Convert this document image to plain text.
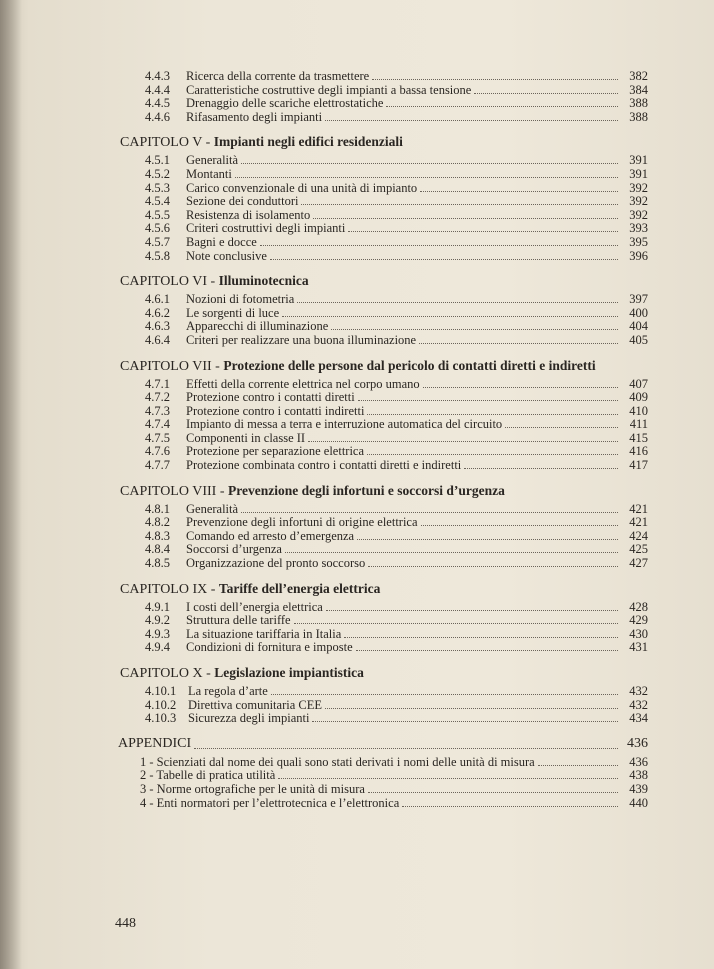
4.4.3 Ricerca della corrente da trasmettere	382
4.4.4 Caratteristiche costruttive degli impianti a bassa tensione	384
4.4.5 Drenaggio delle scariche elettrostatiche	388
4.4.6 Rifasamento degli impianti	388
CAPITOLO V - Impianti negli edifici residenziali
4.5.1 Generalità	391
4.5.2 Montanti	391
4.5.3 Carico convenzionale di una unità di impianto	392
4.5.4 Sezione dei conduttori	392
4.5.5 Resistenza di isolamento	392
4.5.6 Criteri costruttivi degli impianti	393
4.5.7 Bagni e docce	395
4.5.8 Note conclusive	396
CAPITOLO VI - Illuminotecnica
4.6.1 Nozioni di fotometria	397
4.6.2 Le sorgenti di luce	400
4.6.3 Apparecchi di illuminazione	404
4.6.4 Criteri per realizzare una buona illuminazione	405
CAPITOLO VII - Protezione delle persone dal pericolo di contatti diretti e indiretti
4.7.1 Effetti della corrente elettrica nel corpo umano	407
4.7.2 Protezione contro i contatti diretti	409
4.7.3 Protezione contro i contatti indiretti	410
4.7.4 Impianto di messa a terra e interruzione automatica del circuito	411
4.7.5 Componenti in classe II	415
4.7.6 Protezione per separazione elettrica	416
4.7.7 Protezione combinata contro i contatti diretti e indiretti	417
CAPITOLO VIII - Prevenzione degli infortuni e soccorsi d’urgenza
4.8.1 Generalità	421
4.8.2 Prevenzione degli infortuni di origine elettrica	421
4.8.3 Comando ed arresto d’emergenza	424
4.8.4 Soccorsi d’urgenza	425
4.8.5 Organizzazione del pronto soccorso	427
CAPITOLO IX - Tariffe dell’energia elettrica
4.9.1 I costi dell’energia elettrica	428
4.9.2 Struttura delle tariffe	429
4.9.3 La situazione tariffaria in Italia	430
4.9.4 Condizioni di fornitura e imposte	431
CAPITOLO X - Legislazione impiantistica
4.10.1 La regola d’arte	432
4.10.2 Direttiva comunitaria CEE	432
4.10.3 Sicurezza degli impianti	434
APPENDICI	436
1 - Scienziati dal nome dei quali sono stati derivati i nomi delle unità di misura	436
2 - Tabelle di pratica utilità	438
3 - Norme ortografiche per le unità di misura	439
4 - Enti normatori per l’elettrotecnica e l’elettronica	440
448
